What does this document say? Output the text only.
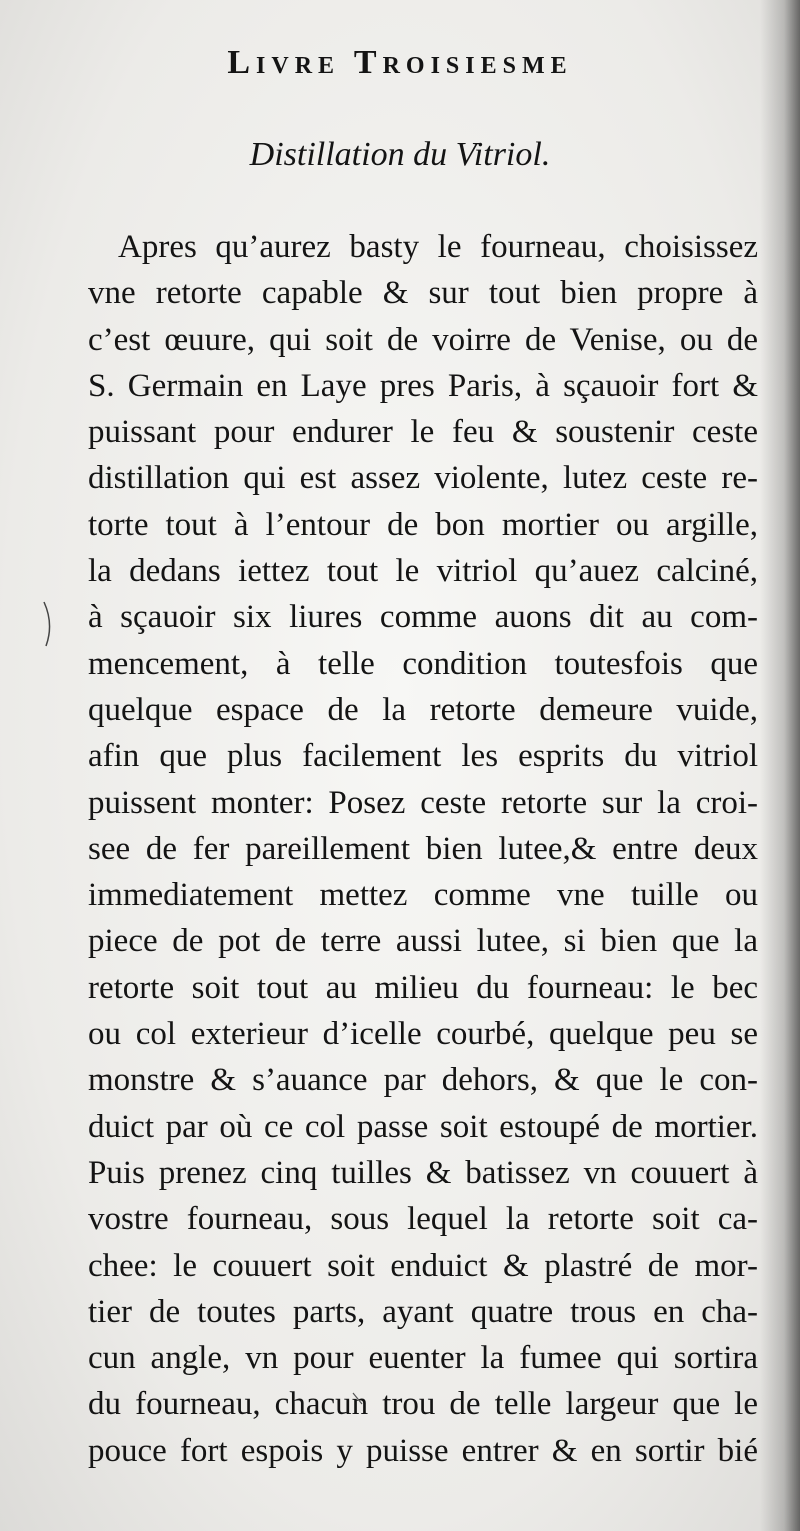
Livre Troisiesme
Distillation du Vitriol.
Apres qu’aurez basty le fourneau, choisissez
vne retorte capable & sur tout bien propre à
c’est œuure, qui soit de voirre de Venise, ou de
S. Germain en Laye pres Paris, à sçauoir fort &
puissant pour endurer le feu & soustenir ceste
distillation qui est assez violente, lutez ceste re-
torte tout à l’entour de bon mortier ou argille,
la dedans iettez tout le vitriol qu’auez calciné,
à sçauoir six liures comme auons dit au com-
mencement, à telle condition toutesfois que
quelque espace de la retorte demeure vuide,
afin que plus facilement les esprits du vitriol
puissent monter: Posez ceste retorte sur la croi-
see de fer pareillement bien lutee,& entre deux
immediatement mettez comme vne tuille ou
piece de pot de terre aussi lutee, si bien que la
retorte soit tout au milieu du fourneau: le bec
ou col exterieur d’icelle courbé, quelque peu se
monstre & s’auance par dehors, & que le con-
duict par où ce col passe soit estoupé de mortier.
Puis prenez cinq tuilles & batissez vn couuert à
vostre fourneau, sous lequel la retorte soit ca-
chee: le couuert soit enduict & plastré de mor-
tier de toutes parts, ayant quatre trous en cha-
cun angle, vn pour euenter la fumee qui sortira
du fourneau, chacun trou de telle largeur que le
pouce fort espois y puisse entrer & en sortir bié
